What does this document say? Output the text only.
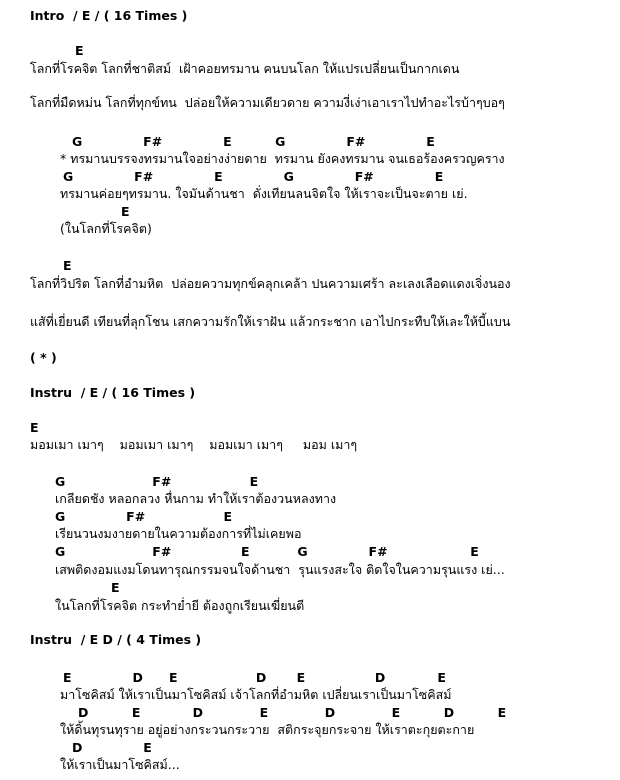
Intro  / E / ( 16 Times )
E
โลกที่โรคจิต โลกที่ชาติสม์  เฝ้าคอยทรมาน คนบนโลก ให้แปรเปลี่ยนเป็นกากเดน
โลกที่มืดหม่น โลกที่ทุกข์ทน  ปล่อยให้ความเดียวดาย ความงี่เง่าเอาเราไปทำอะไรบ้าๆบอๆ
G              F#              E          G              F#              E
* ทรมานบรรจงทรมานใจอย่างง่ายดาย  ทรมาน ยังคงทรมาน จนเธอร้องครวญคราง
G              F#              E              G              F#              E
ทรมานค่อยๆทรมาน. ใจมันด้านชา  ดั่งเทียนลนจิตใจ ให้เราจะเป็นจะตาย เย่.
E
(ในโลกที่โรคจิต)
E
โลกที่วิปริต โลกที่อำมหิต  ปล่อยความทุกข์คลุกเคล้า ปนความเศร้า ละเลงเลือดแดงเจิ่งนอง
แสัที่เยี่ยนดี เทียนที่ลุกโชน เสกความรักให้เราฝัน แล้วกระชาก เอาไปกระทืบให้เละให้บี้แบน
( * )
Instru  / E / ( 16 Times )
E
มอมเมา เมาๆ    มอมเมา เมาๆ    มอมเมา เมาๆ     มอม เมาๆ
G                    F#                  E
เกลียดชัง หลอกลวง หื่นกาม ทำให้เราต้องวนหลงทาง
G              F#                  E
เรียนวนงมงายดายในความต้องการที่ไม่เคยพอ
G                    F#                E           G              F#                   E
เสพติดงอมแงมโดนทารุณกรรมจนใจด้านชา  รุนแรงสะใจ ติดใจในความรุนแรง เย่...
E
ในโลกที่โรคจิต กระทำย่ำยี ต้องถูกเรียนเฆี่ยนตี
Instru  / E D / ( 4 Times )
E              D      E                  D       E                D            E
มาโซคิสม์ ให้เราเป็นมาโซคิสม์ เจ้าโลกที่อำมหิต เปลี่ยนเราเป็นมาโซคิสม์
D          E            D             E             D             E          D          E
ให้ดิ้นทุรนทุราย อยู่อย่างกระวนกระวาย  สติกระจุยกระจาย ให้เราตะกุยตะกาย
D              E
ให้เราเป็นมาโซคิสม์...
